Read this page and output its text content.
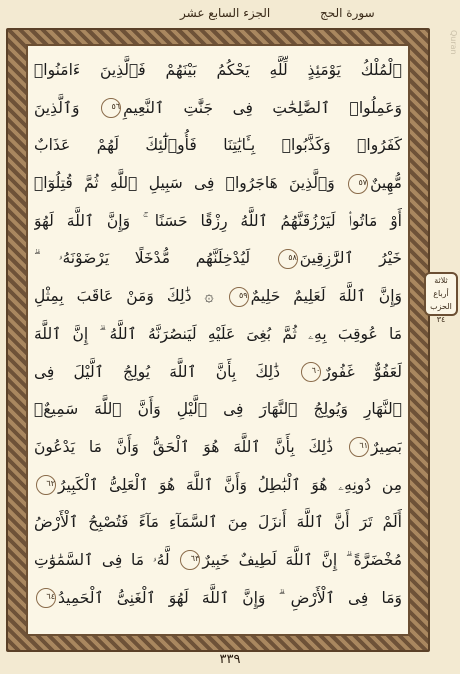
الجزء السابع عشر	سورة الحج
Quran
ثلاثة أرباع
الحزب
٣٤
ٱلْمُلْكُ يَوْمَئِذٍ لِّلَّهِ يَحْكُمُ بَيْنَهُمْ فَٱلَّذِينَ ءَامَنُوا۟
وَعَمِلُوا۟ ٱلصَّٰلِحَٰتِ فِى جَنَّٰتِ ٱلنَّعِيمِ٥٦ وَٱلَّذِينَ
كَفَرُوا۟ وَكَذَّبُوا۟ بِـَٔايَٰتِنَا فَأُو۟لَٰٓئِكَ لَهُمْ عَذَابٌ
مُّهِينٌ٥٧ وَٱلَّذِينَ هَاجَرُوا۟ فِى سَبِيلِ ٱللَّهِ ثُمَّ قُتِلُوٓا۟
أَوْ مَاتُوا۟ لَيَرْزُقَنَّهُمُ ٱللَّهُ رِزْقًا حَسَنًا ۚ وَإِنَّ ٱللَّهَ لَهُوَ
خَيْرُ ٱلرَّٰزِقِينَ٥٨ لَيُدْخِلَنَّهُم مُّدْخَلًا يَرْضَوْنَهُۥ ۗ
وَإِنَّ ٱللَّهَ لَعَلِيمٌ حَلِيمٌ٥٩ ۞ ذَٰلِكَ وَمَنْ عَاقَبَ بِمِثْلِ
مَا عُوقِبَ بِهِۦ ثُمَّ بُغِىَ عَلَيْهِ لَيَنصُرَنَّهُ ٱللَّهُ ۗ إِنَّ ٱللَّهَ
لَعَفُوٌّ غَفُورٌ٦٠ ذَٰلِكَ بِأَنَّ ٱللَّهَ يُولِجُ ٱلَّيْلَ فِى
ٱلنَّهَارِ وَيُولِجُ ٱلنَّهَارَ فِى ٱلَّيْلِ وَأَنَّ ٱللَّهَ سَمِيعٌۢ
بَصِيرٌ٦١ ذَٰلِكَ بِأَنَّ ٱللَّهَ هُوَ ٱلْحَقُّ وَأَنَّ مَا يَدْعُونَ
مِن دُونِهِۦ هُوَ ٱلْبَٰطِلُ وَأَنَّ ٱللَّهَ هُوَ ٱلْعَلِىُّ ٱلْكَبِيرُ٦٢
أَلَمْ تَرَ أَنَّ ٱللَّهَ أَنزَلَ مِنَ ٱلسَّمَآءِ مَآءً فَتُصْبِحُ ٱلْأَرْضُ
مُخْضَرَّةً ۗ إِنَّ ٱللَّهَ لَطِيفٌ خَبِيرٌ٦٣ لَّهُۥ مَا فِى ٱلسَّمَٰوَٰتِ
وَمَا فِى ٱلْأَرْضِ ۗ وَإِنَّ ٱللَّهَ لَهُوَ ٱلْغَنِىُّ ٱلْحَمِيدُ٦٤
٣٣٩
